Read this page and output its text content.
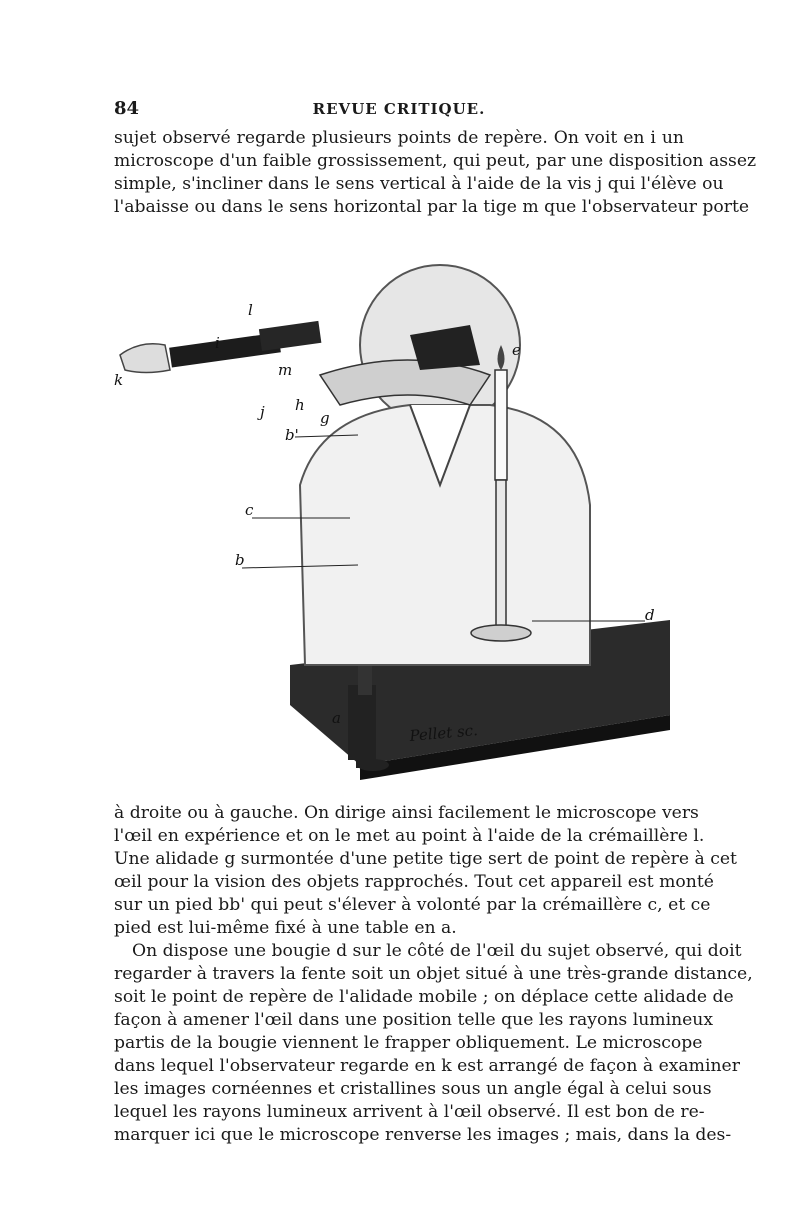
84	REVUE CRITIQUE.
sujet observé regarde plusieurs points de repère. On voit en i un
microscope d'un faible grossissement, qui peut, par une disposition assez
simple, s'incliner dans le sens vertical à l'aide de la vis j qui l'élève ou
l'abaisse ou dans le sens horizontal par la tige m que l'observateur porte
l
i
k
m
j h
g
e
b'
c
b
d
a
Pellet sc.
à droite ou à gauche. On dirige ainsi facilement le microscope vers
l'œil en expérience et on le met au point à l'aide de la crémaillère l.
Une alidade g surmontée d'une petite tige sert de point de repère à cet
œil pour la vision des objets rapprochés. Tout cet appareil est monté
sur un pied bb' qui peut s'élever à volonté par la crémaillère c, et ce
pied est lui-même fixé à une table en a.
On dispose une bougie d sur le côté de l'œil du sujet observé, qui doit
regarder à travers la fente soit un objet situé à une très-grande distance,
soit le point de repère de l'alidade mobile ; on déplace cette alidade de
façon à amener l'œil dans une position telle que les rayons lumineux
partis de la bougie viennent le frapper obliquement. Le microscope
dans lequel l'observateur regarde en k est arrangé de façon à examiner
les images cornéennes et cristallines sous un angle égal à celui sous
lequel les rayons lumineux arrivent à l'œil observé. Il est bon de re-
marquer ici que le microscope renverse les images ; mais, dans la des-
